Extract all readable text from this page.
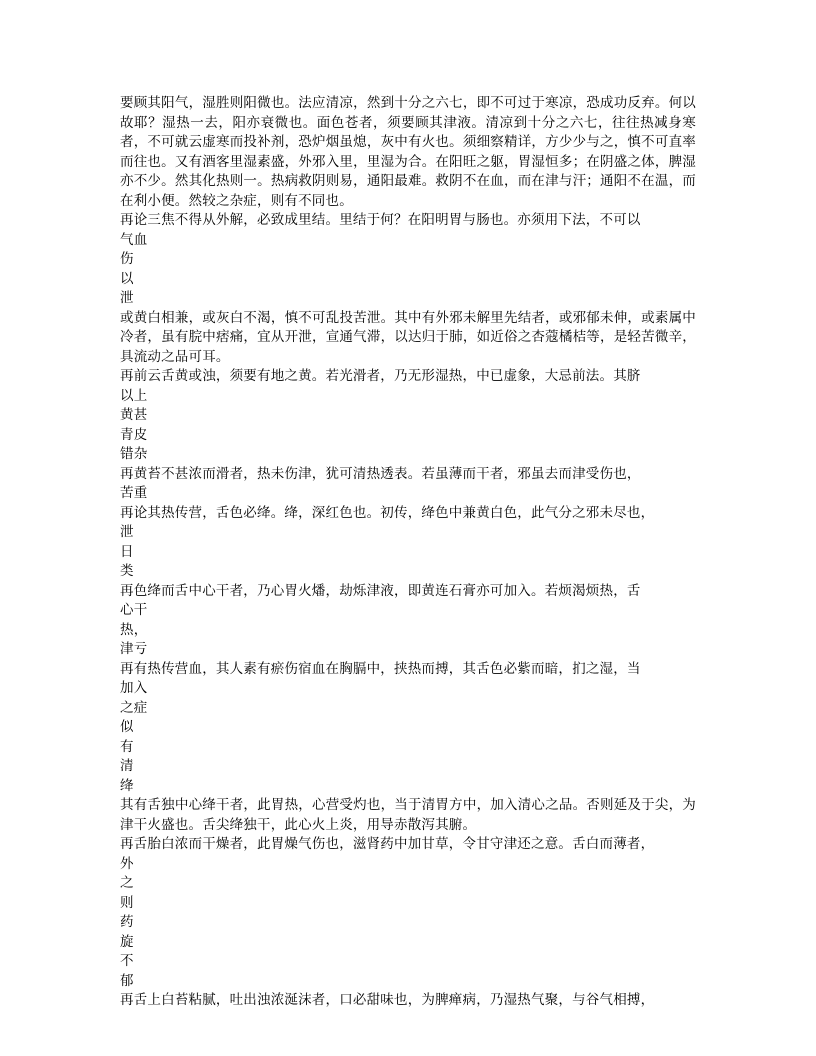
要顾其阳气，湿胜则阳微也。法应清凉，然到十分之六七，即不可过于寒凉，恐成功反弃。何以故耶？湿热一去，阳亦衰微也。面色苍者，须要顾其津液。清凉到十分之六七，往往热减身寒者，不可就云虚寒而投补剂，恐炉烟虽熄，灰中有火也。须细察精详，方少少与之，慎不可直率而往也。又有酒客里湿素盛，外邪入里，里湿为合。在阳旺之躯，胃湿恒多；在阴盛之体，脾湿亦不少。然其化热则一。热病救阴则易，通阳最难。救阴不在血，而在津与汗；通阳不在温，而在利小便。然较之杂症，则有不同也。
再论三焦不得从外解，必致成里结。里结于何？在阳明胃与肠也。亦须用下法，不可以
气血
伤
以
泄
或黄白相兼，或灰白不渴，慎不可乱投苦泄。其中有外邪未解里先结者，或邪郁未伸，或素属中冷者，虽有脘中痞痛，宜从开泄，宣通气滞，以达归于肺，如近俗之杏蔻橘桔等，是轻苦微辛，具流动之品可耳。
再前云舌黄或浊，须要有地之黄。若光滑者，乃无形湿热，中已虚象，大忌前法。其脐
以上
黄甚
青皮
错杂
再黄苔不甚浓而滑者，热未伤津，犹可清热透表。若虽薄而干者，邪虽去而津受伤也，
苦重
再论其热传营，舌色必绛。绛，深红色也。初传，绛色中兼黄白色，此气分之邪未尽也，
泄
日
类
再色绛而舌中心干者，乃心胃火燔，劫烁津液，即黄连石膏亦可加入。若烦渴烦热，舌
心干
热，
津亏
再有热传营血，其人素有瘀伤宿血在胸膈中，挟热而搏，其舌色必紫而暗，扪之湿，当
加入
之症
似
有
清
绛
其有舌独中心绛干者，此胃热，心营受灼也，当于清胃方中，加入清心之品。否则延及于尖，为津干火盛也。舌尖绛独干，此心火上炎，用导赤散泻其腑。
再舌胎白浓而干燥者，此胃燥气伤也，滋肾药中加甘草，令甘守津还之意。舌白而薄者，
外
之
则
药
旋
不
郁
再舌上白苔粘腻，吐出浊浓涎沫者，口必甜味也，为脾瘅病，乃湿热气聚，与谷气相搏，
